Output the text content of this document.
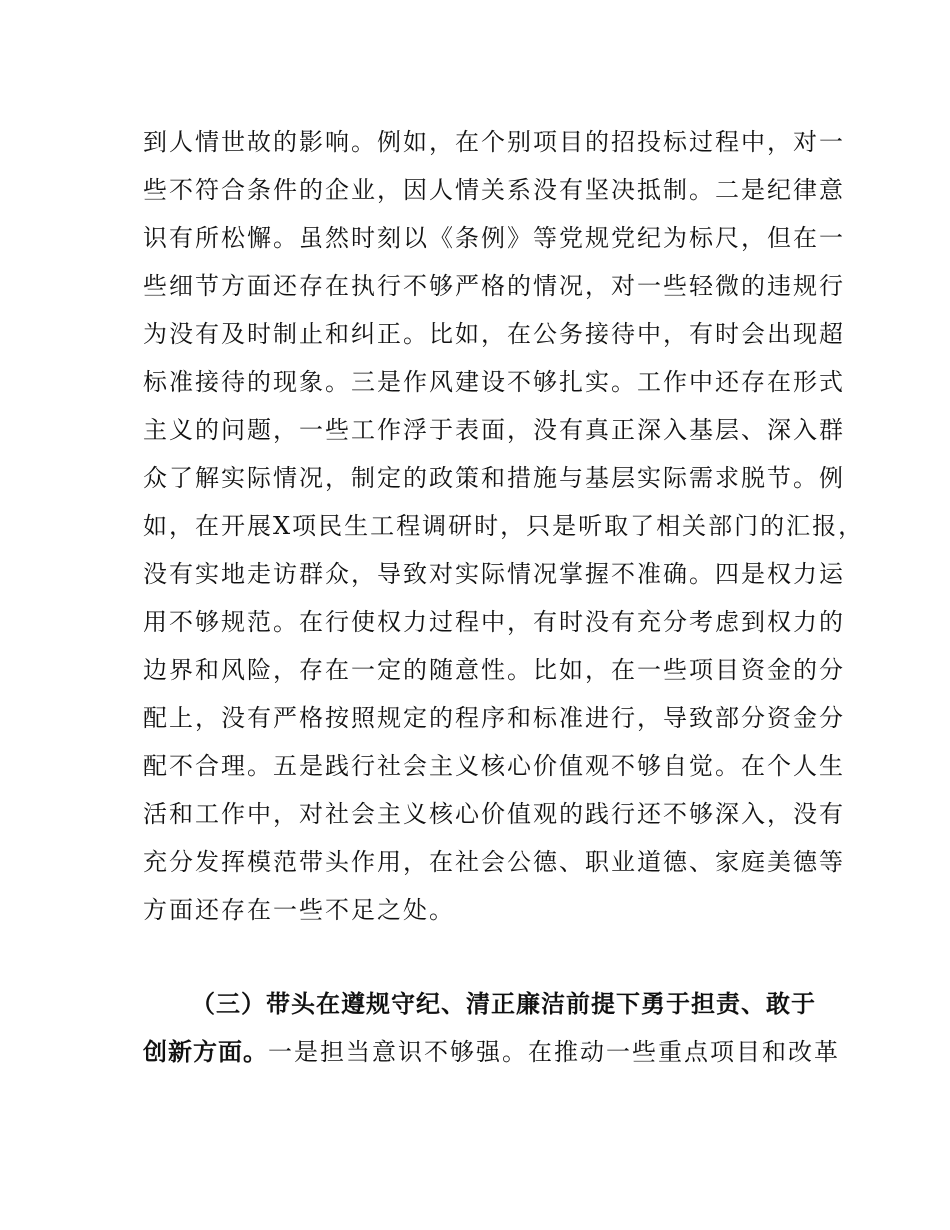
到人情世故的影响。例如，在个别项目的招投标过程中，对一
些不符合条件的企业，因人情关系没有坚决抵制。二是纪律意
识有所松懈。虽然时刻以《条例》等党规党纪为标尺，但在一
些细节方面还存在执行不够严格的情况，对一些轻微的违规行
为没有及时制止和纠正。比如，在公务接待中，有时会出现超
标准接待的现象。三是作风建设不够扎实。工作中还存在形式
主义的问题，一些工作浮于表面，没有真正深入基层、深入群
众了解实际情况，制定的政策和措施与基层实际需求脱节。例
如，在开展X项民生工程调研时，只是听取了相关部门的汇报，
没有实地走访群众，导致对实际情况掌握不准确。四是权力运
用不够规范。在行使权力过程中，有时没有充分考虑到权力的
边界和风险，存在一定的随意性。比如，在一些项目资金的分
配上，没有严格按照规定的程序和标准进行，导致部分资金分
配不合理。五是践行社会主义核心价值观不够自觉。在个人生
活和工作中，对社会主义核心价值观的践行还不够深入，没有
充分发挥模范带头作用，在社会公德、职业道德、家庭美德等
方面还存在一些不足之处。
（三）带头在遵规守纪、清正廉洁前提下勇于担责、敢于
创新方面。一是担当意识不够强。在推动一些重点项目和改革
